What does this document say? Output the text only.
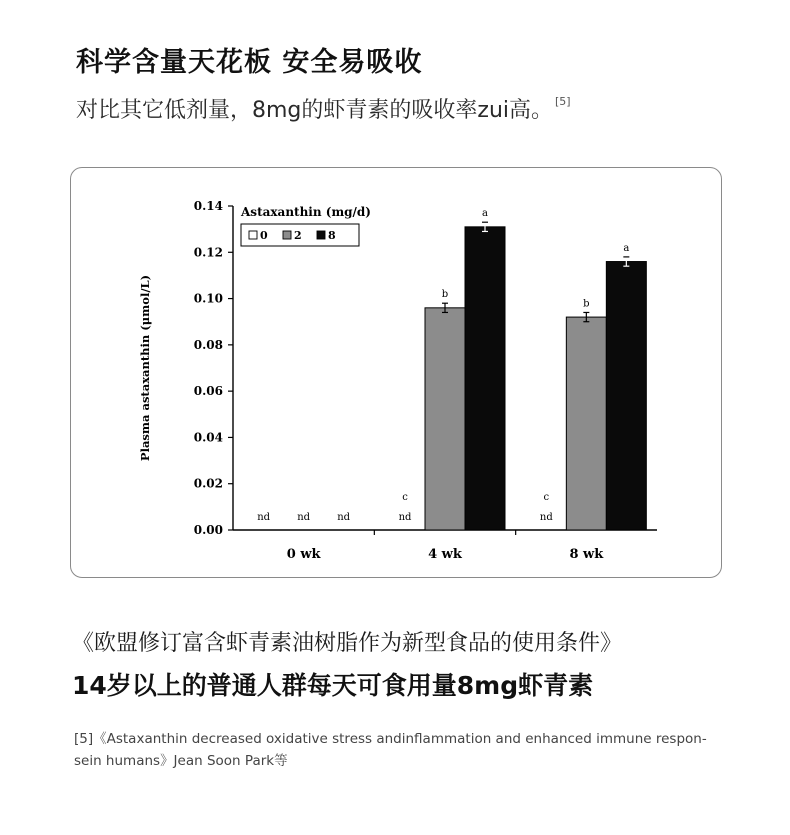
科学含量天花板 安全易吸收
对比其它低剂量，8mg的虾青素的吸收率zui高。 [5]
0.00
0.02
0.04
0.06
0.08
0.10
0.12
0.14
Plasma astaxanthin (μmol/L)
0 wk
nd	nd	nd
4 wk
nd
b
a
8 wk
nd
b
a
c	c
Astaxanthin (mg/d)
0 2 8
《欧盟修订富含虾青素油树脂作为新型食品的使用条件》
14岁以上的普通人群每天可食用量8mg虾青素
[5]《Astaxanthin decreased oxidative stress andinflammation and enhanced immune respon-sein humans》Jean Soon Park等
